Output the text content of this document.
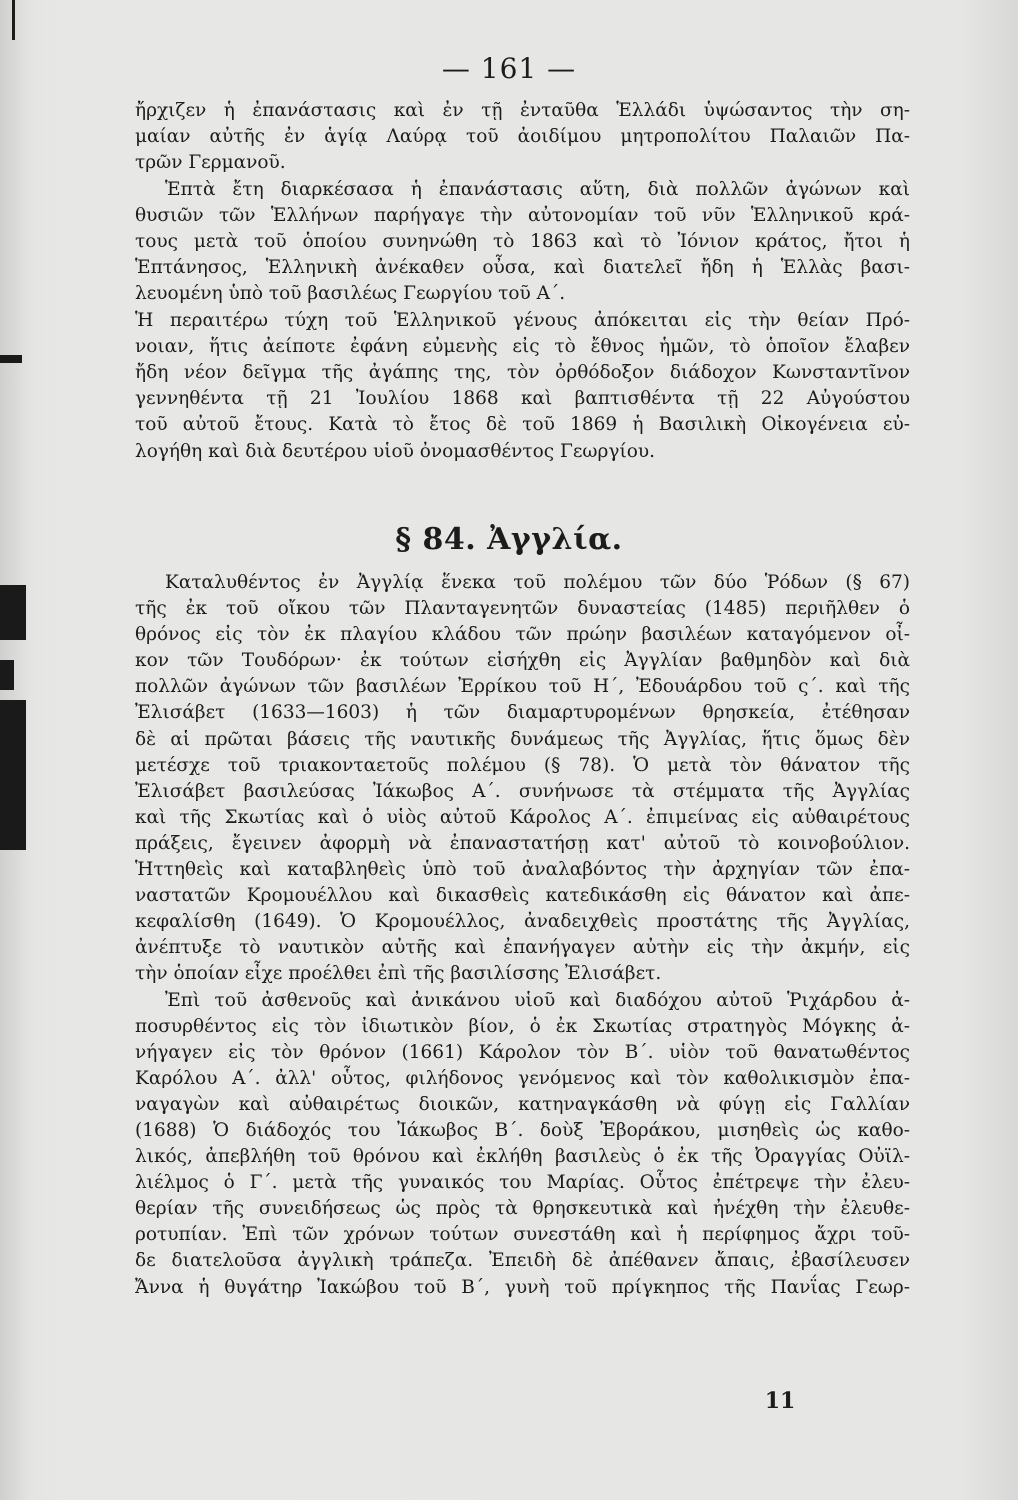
— 161 —
ἤρχιζεν ἡ ἐπανάστασις καὶ ἐν τῇ ἐνταῦθα Ἑλλάδι ὑψώσαντος τὴν ση-
μαίαν αὐτῆς ἐν ἁγίᾳ Λαύρᾳ τοῦ ἀοιδίμου μητροπολίτου Παλαιῶν Πα-
τρῶν Γερμανοῦ.
Ἑπτὰ ἔτη διαρκέσασα ἡ ἐπανάστασις αὕτη, διὰ πολλῶν ἀγώνων καὶ
θυσιῶν τῶν Ἑλλήνων παρήγαγε τὴν αὐτονομίαν τοῦ νῦν Ἑλληνικοῦ κρά-
τους μετὰ τοῦ ὁποίου συνηνώθη τὸ 1863 καὶ τὸ Ἰόνιον κράτος, ἤτοι ἡ
Ἑπτάνησος, Ἑλληνικὴ ἀνέκαθεν οὖσα, καὶ διατελεῖ ἤδη ἡ Ἑλλὰς βασι-
λευομένη ὑπὸ τοῦ βασιλέως Γεωργίου τοῦ Α΄.
Ἡ περαιτέρω τύχη τοῦ Ἑλληνικοῦ γένους ἀπόκειται εἰς τὴν θείαν Πρό-
νοιαν, ἥτις ἀείποτε ἐφάνη εὐμενὴς εἰς τὸ ἔθνος ἡμῶν, τὸ ὁποῖον ἔλαβεν
ἤδη νέον δεῖγμα τῆς ἀγάπης της, τὸν ὀρθόδοξον διάδοχον Κωνσταντῖνον
γεννηθέντα τῇ 21 Ἰουλίου 1868 καὶ βαπτισθέντα τῇ 22 Αὐγούστου
τοῦ αὐτοῦ ἔτους. Κατὰ τὸ ἔτος δὲ τοῦ 1869 ἡ Βασιλικὴ Οἰκογένεια εὐ-
λογήθη καὶ διὰ δευτέρου υἱοῦ ὀνομασθέντος Γεωργίου.
§ 84. Ἀγγλία.
Καταλυθέντος ἐν Ἀγγλίᾳ ἕνεκα τοῦ πολέμου τῶν δύο Ῥόδων (§ 67)
τῆς ἐκ τοῦ οἴκου τῶν Πλανταγενητῶν δυναστείας (1485) περιῆλθεν ὁ
θρόνος εἰς τὸν ἐκ πλαγίου κλάδου τῶν πρώην βασιλέων καταγόμενον οἶ-
κον τῶν Τουδόρων· ἐκ τούτων εἰσήχθη εἰς Ἀγγλίαν βαθμηδὸν καὶ διὰ
πολλῶν ἀγώνων τῶν βασιλέων Ἐρρίκου τοῦ Η΄, Ἐδουάρδου τοῦ ς΄. καὶ τῆς
Ἐλισάβετ (1633—1603) ἡ τῶν διαμαρτυρομένων θρησκεία, ἐτέθησαν
δὲ αἱ πρῶται βάσεις τῆς ναυτικῆς δυνάμεως τῆς Ἀγγλίας, ἥτις ὅμως δὲν
μετέσχε τοῦ τριακονταετοῦς πολέμου (§ 78). Ὁ μετὰ τὸν θάνατον τῆς
Ἐλισάβετ βασιλεύσας Ἰάκωβος Α΄. συνήνωσε τὰ στέμματα τῆς Ἀγγλίας
καὶ τῆς Σκωτίας καὶ ὁ υἱὸς αὐτοῦ Κάρολος Α΄. ἐπιμείνας εἰς αὐθαιρέτους
πράξεις, ἔγεινεν ἀφορμὴ νὰ ἐπαναστατήσῃ κατ' αὐτοῦ τὸ κοινοβούλιον.
Ἡττηθεὶς καὶ καταβληθεὶς ὑπὸ τοῦ ἀναλαβόντος τὴν ἀρχηγίαν τῶν ἐπα-
ναστατῶν Κρομουέλλου καὶ δικασθεὶς κατεδικάσθη εἰς θάνατον καὶ ἀπε-
κεφαλίσθη (1649). Ὁ Κρομουέλλος, ἀναδειχθεὶς προστάτης τῆς Ἀγγλίας,
ἀνέπτυξε τὸ ναυτικὸν αὐτῆς καὶ ἐπανήγαγεν αὐτὴν εἰς τὴν ἀκμήν, εἰς
τὴν ὁποίαν εἶχε προέλθει ἐπὶ τῆς βασιλίσσης Ἐλισάβετ.
Ἐπὶ τοῦ ἀσθενοῦς καὶ ἀνικάνου υἱοῦ καὶ διαδόχου αὐτοῦ Ῥιχάρδου ἀ-
ποσυρθέντος εἰς τὸν ἰδιωτικὸν βίον, ὁ ἐκ Σκωτίας στρατηγὸς Μόγκης ἀ-
νήγαγεν εἰς τὸν θρόνον (1661) Κάρολον τὸν Β΄. υἱὸν τοῦ θανατωθέντος
Καρόλου Α΄. ἀλλ' οὗτος, φιλήδονος γενόμενος καὶ τὸν καθολικισμὸν ἐπα-
ναγαγὼν καὶ αὐθαιρέτως διοικῶν, κατηναγκάσθη νὰ φύγῃ εἰς Γαλλίαν
(1688) Ὁ διάδοχός του Ἰάκωβος Β΄. δοὺξ Ἐβοράκου, μισηθεὶς ὡς καθο-
λικός, ἀπεβλήθη τοῦ θρόνου καὶ ἐκλήθη βασιλεὺς ὁ ἐκ τῆς Ὀραγγίας Οὐϊλ-
λιέλμος ὁ Γ΄. μετὰ τῆς γυναικός του Μαρίας. Οὗτος ἐπέτρεψε τὴν ἐλευ-
θερίαν τῆς συνειδήσεως ὡς πρὸς τὰ θρησκευτικὰ καὶ ἠνέχθη τὴν ἐλευθε-
ροτυπίαν. Ἐπὶ τῶν χρόνων τούτων συνεστάθη καὶ ἡ περίφημος ἄχρι τοῦ-
δε διατελοῦσα ἀγγλικὴ τράπεζα. Ἐπειδὴ δὲ ἀπέθανεν ἄπαις, ἐβασίλευσεν
Ἄννα ἡ θυγάτηρ Ἰακώβου τοῦ Β΄, γυνὴ τοῦ πρίγκηπος τῆς Πανΐας Γεωρ-
11
